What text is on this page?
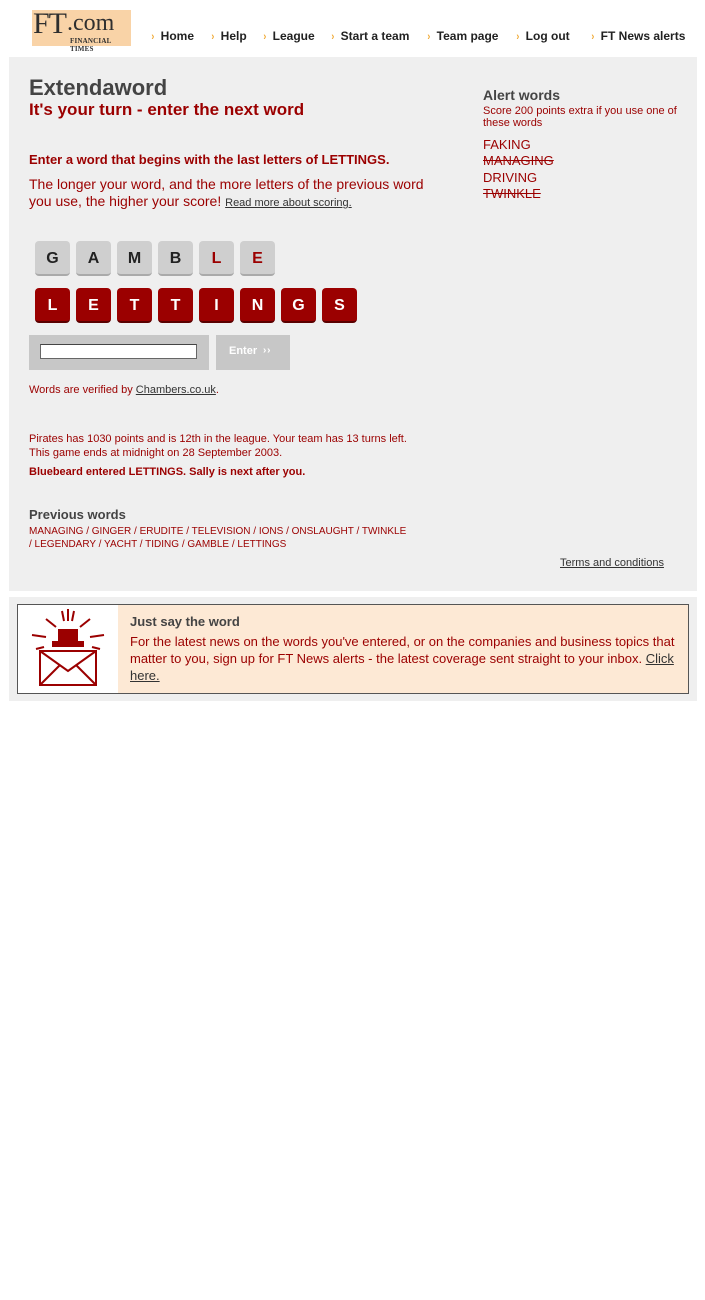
FT .com
FINANCIAL TIMES
› Home › Help › League › Start a team › Team page › Log out › FT News alerts
Extendaword
It's your turn - enter the next word
Enter a word that begins with the last letters of LETTINGS.
The longer your word, and the more letters of the previous word you use, the higher your score! Read more about scoring.
Alert words
Score 200 points extra if you use one of these words
FAKING
MANAGING
DRIVING
TWINKLE
G	A	M	B	L	E
L	E	T	T	I	N	G	S
Enter › ›
Words are verified by Chambers.co.uk.
Pirates has 1030 points and is 12th in the league. Your team has 13 turns left.
This game ends at midnight on 28 September 2003.
Bluebeard entered LETTINGS. Sally is next after you.
Previous words
MANAGING / GINGER / ERUDITE / TELEVISION / IONS / ONSLAUGHT / TWINKLE
/ LEGENDARY / YACHT / TIDING / GAMBLE / LETTINGS
Terms and conditions
Just say the word
For the latest news on the words you've entered, or on the companies and business topics that matter to you, sign up for FT News alerts - the latest coverage sent straight to your inbox. Click here.
